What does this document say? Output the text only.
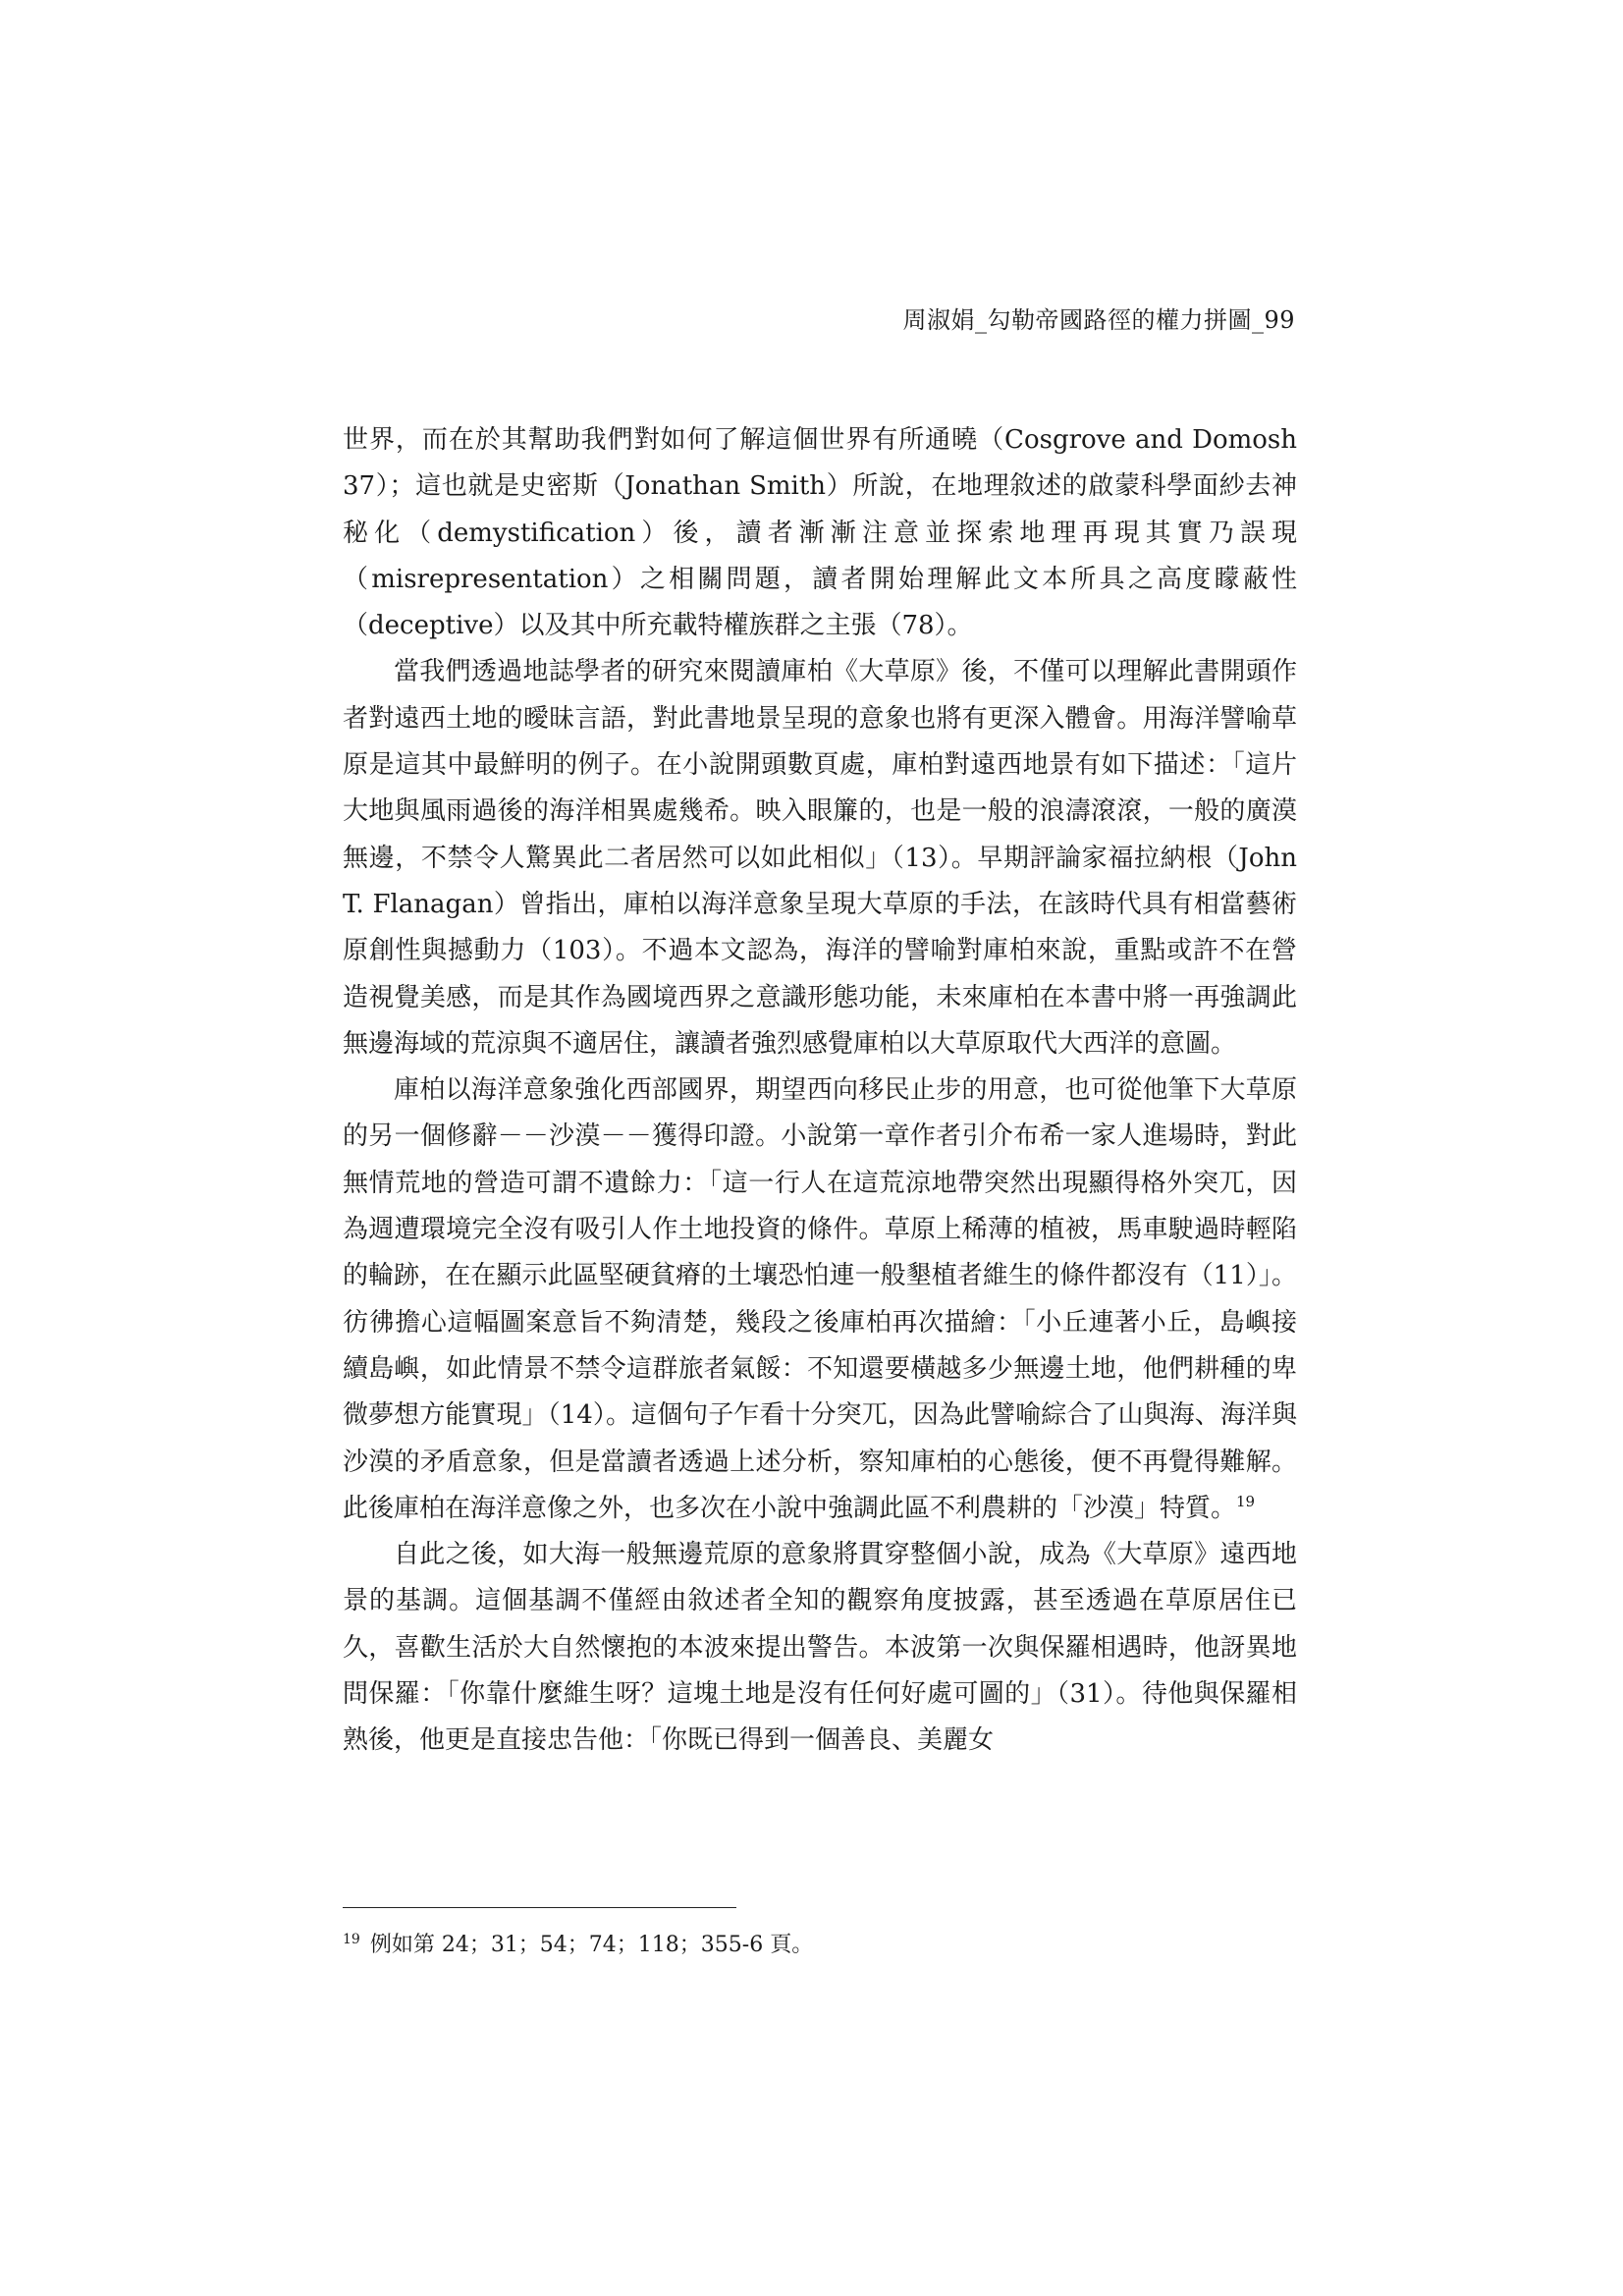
周淑娟_勾勒帝國路徑的權力拼圖_99

世界，而在於其幫助我們對如何了解這個世界有所通曉（Cosgrove and Domosh 37）；這也就是史密斯（Jonathan Smith）所說，在地理敘述的啟蒙科學面紗去神秘化（demystification）後，讀者漸漸注意並探索地理再現其實乃誤現（misrepresentation）之相關問題，讀者開始理解此文本所具之高度矇蔽性（deceptive）以及其中所充載特權族群之主張（78）。

當我們透過地誌學者的研究來閱讀庫柏《大草原》後，不僅可以理解此書開頭作者對遠西土地的曖昧言語，對此書地景呈現的意象也將有更深入體會。用海洋譬喻草原是這其中最鮮明的例子。在小說開頭數頁處，庫柏對遠西地景有如下描述：「這片大地與風雨過後的海洋相異處幾希。映入眼簾的，也是一般的浪濤滾滾，一般的廣漠無邊，不禁令人驚異此二者居然可以如此相似」（13）。早期評論家福拉納根（John T. Flanagan）曾指出，庫柏以海洋意象呈現大草原的手法，在該時代具有相當藝術原創性與撼動力（103）。不過本文認為，海洋的譬喻對庫柏來說，重點或許不在營造視覺美感，而是其作為國境西界之意識形態功能，未來庫柏在本書中將一再強調此無邊海域的荒涼與不適居住，讓讀者強烈感覺庫柏以大草原取代大西洋的意圖。

庫柏以海洋意象強化西部國界，期望西向移民止步的用意，也可從他筆下大草原的另一個修辭－－沙漠－－獲得印證。小說第一章作者引介布希一家人進場時，對此無情荒地的營造可謂不遺餘力：「這一行人在這荒涼地帶突然出現顯得格外突兀，因為週遭環境完全沒有吸引人作土地投資的條件。草原上稀薄的植被，馬車駛過時輕陷的輪跡，在在顯示此區堅硬貧瘠的土壤恐怕連一般墾植者維生的條件都沒有（11）」。彷彿擔心這幅圖案意旨不夠清楚，幾段之後庫柏再次描繪：「小丘連著小丘，島嶼接續島嶼，如此情景不禁令這群旅者氣餒：不知還要橫越多少無邊土地，他們耕種的卑微夢想方能實現」（14）。這個句子乍看十分突兀，因為此譬喻綜合了山與海、海洋與沙漠的矛盾意象，但是當讀者透過上述分析，察知庫柏的心態後，便不再覺得難解。此後庫柏在海洋意像之外，也多次在小說中強調此區不利農耕的「沙漠」特質。$^{19}$

自此之後，如大海一般無邊荒原的意象將貫穿整個小說，成為《大草原》遠西地景的基調。這個基調不僅經由敘述者全知的觀察角度披露，甚至透過在草原居住已久，喜歡生活於大自然懷抱的本波來提出警告。本波第一次與保羅相遇時，他訝異地問保羅：「你靠什麼維生呀？這塊土地是沒有任何好處可圖的」（31）。待他與保羅相熟後，他更是直接忠告他：「你既已得到一個善良、美麗女

$^{19}$ 例如第 24；31；54；74；118；355-6 頁。
